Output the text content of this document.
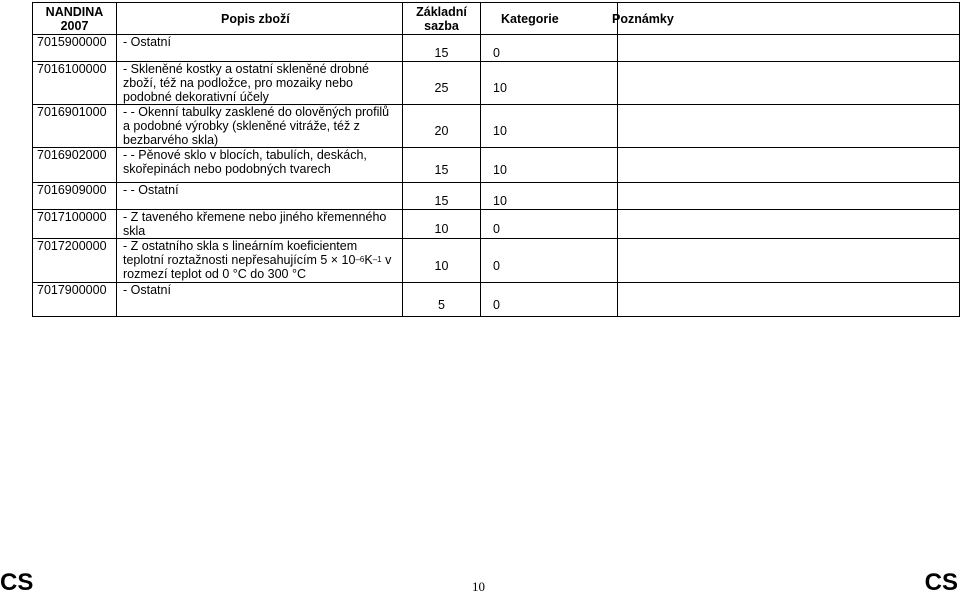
NANDINA 2007	Popis zboží	Základní sazba	Kategorie	Poznámky
7015900000	- Ostatní	15	0	
7016100000	- Skleněné kostky a ostatní skleněné drobné zboží, též na podložce, pro mozaiky nebo podobné dekorativní účely	25	10	
7016901000	- - Okenní tabulky zasklené do olověných profilů a podobné výrobky (skleněné vitráže, též z bezbarvého skla)	20	10	
7016902000	- - Pěnové sklo v blocích, tabulích, deskách, skořepinách nebo podobných tvarech	15	10	
7016909000	- - Ostatní	15	10	
7017100000	- Z taveného křemene nebo jiného křemenného skla	10	0	
7017200000	- Z ostatního skla s lineárním koeficientem teplotní roztažnosti nepřesahujícím $5 \times 10^{-6}K^{-1}$ v rozmezí teplot od 0 °C do 300 °C	10	0	
7017900000	- Ostatní	5	0	
CS	10	CS
